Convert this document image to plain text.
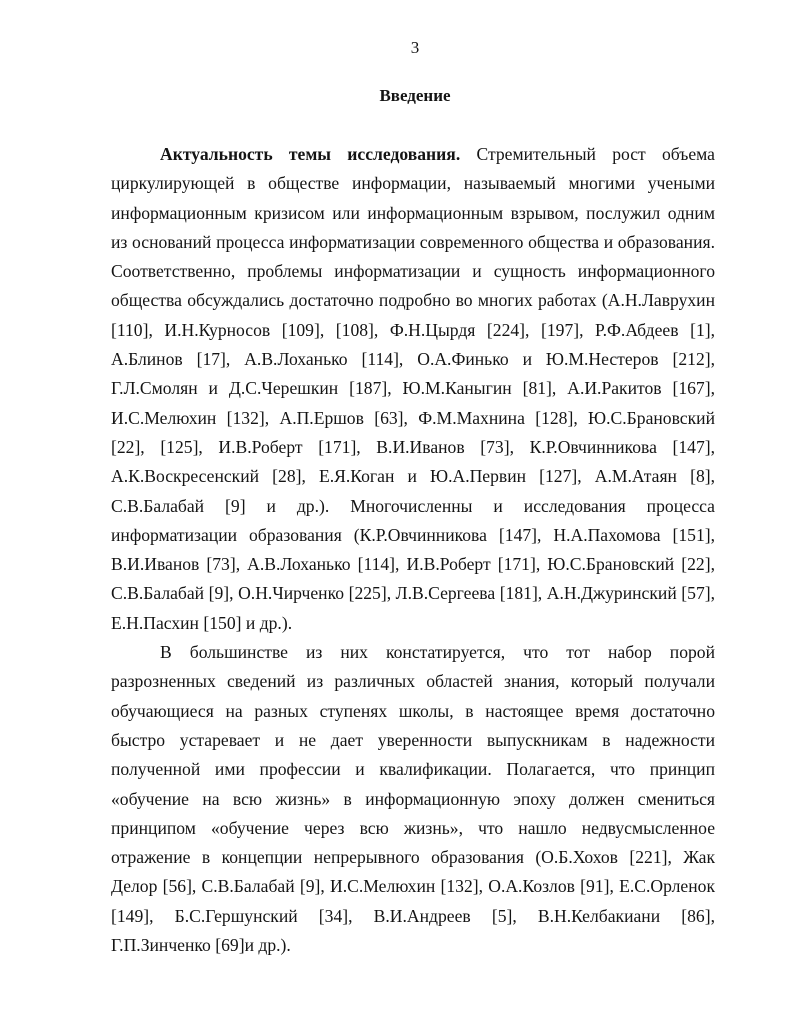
3
Введение

Актуальность темы исследования. Стремительный рост объема циркулирующей в обществе информации, называемый многими учеными информационным кризисом или информационным взрывом, послужил одним из оснований процесса информатизации современного общества и образования. Соответственно, проблемы информатизации и сущность информационного общества обсуждались достаточно подробно во многих работах (А.Н.Лаврухин [110], И.Н.Курносов [109], [108], Ф.Н.Цырдя [224], [197], Р.Ф.Абдеев [1], А.Блинов [17], А.В.Лоханько [114], О.А.Финько и Ю.М.Нестеров [212], Г.Л.Смолян и Д.С.Черешкин [187], Ю.М.Каныгин [81], А.И.Ракитов [167], И.С.Мелюхин [132], А.П.Ершов [63], Ф.М.Махнина [128], Ю.С.Брановский [22], [125], И.В.Роберт [171], В.И.Иванов [73], К.Р.Овчинникова [147], А.К.Воскресенский [28], Е.Я.Коган и Ю.А.Первин [127], А.М.Атаян [8], С.В.Балабай [9] и др.). Многочисленны и исследования процесса информатизации образования (К.Р.Овчинникова [147], Н.А.Пахомова [151], В.И.Иванов [73], А.В.Лоханько [114], И.В.Роберт [171], Ю.С.Брановский [22], С.В.Балабай [9], О.Н.Чирченко [225], Л.В.Сергеева [181], А.Н.Джуринский [57], Е.Н.Пасхин [150] и др.).

В большинстве из них констатируется, что тот набор порой разрозненных сведений из различных областей знания, который получали обучающиеся на разных ступенях школы, в настоящее время достаточно быстро устаревает и не дает уверенности выпускникам в надежности полученной ими профессии и квалификации. Полагается, что принцип «обучение на всю жизнь» в информационную эпоху должен смениться принципом «обучение через всю жизнь», что нашло недвусмысленное отражение в концепции непрерывного образования (О.Б.Хохов [221], Жак Делор [56], С.В.Балабай [9], И.С.Мелюхин [132], О.А.Козлов [91], Е.С.Орленок [149], Б.С.Гершунский [34], В.И.Андреев [5], В.Н.Келбакиани [86], Г.П.Зинченко [69]и др.).
